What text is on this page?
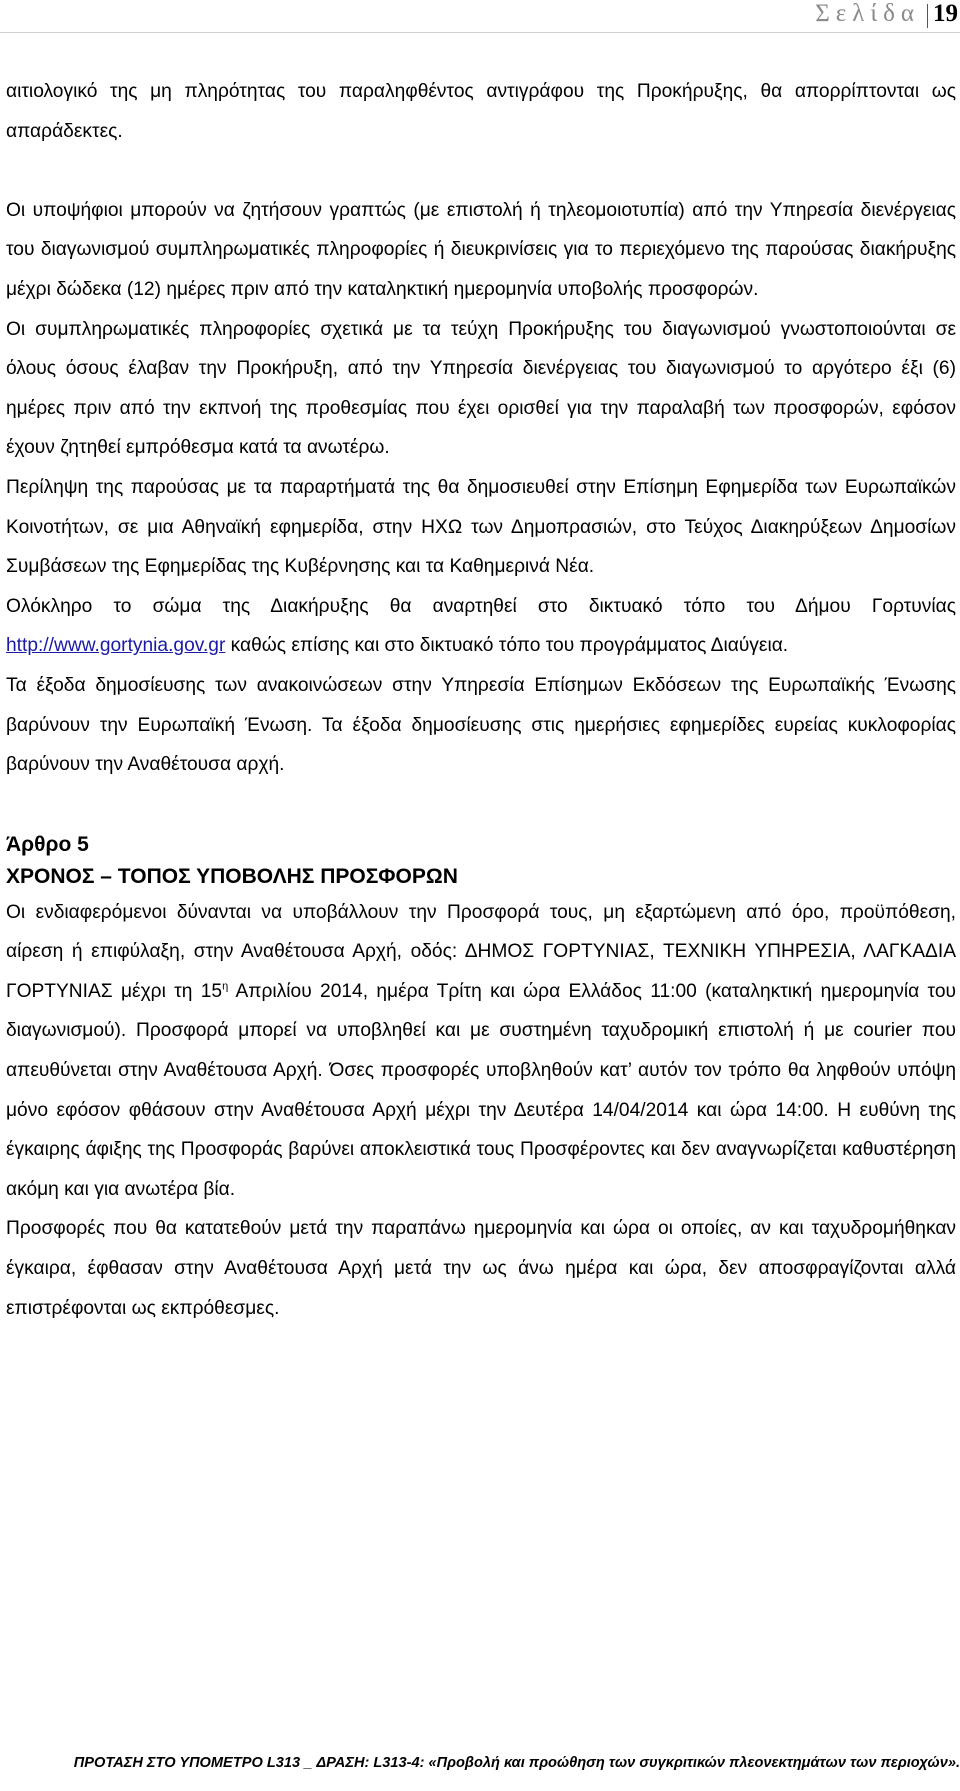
Σελίδα 19

αιτιολογικό της μη πληρότητας του παραληφθέντος αντιγράφου της Προκήρυξης, θα απορρίπτονται ως απαράδεκτες.

Οι υποψήφιοι μπορούν να ζητήσουν γραπτώς (με επιστολή ή τηλεομοιοτυπία) από την Υπηρεσία διενέργειας του διαγωνισμού συμπληρωματικές πληροφορίες ή διευκρινίσεις για το περιεχόμενο της παρούσας διακήρυξης μέχρι δώδεκα (12) ημέρες πριν από την καταληκτική ημερομηνία υποβολής προσφορών.

Οι συμπληρωματικές πληροφορίες σχετικά με τα τεύχη Προκήρυξης του διαγωνισμού γνωστοποιούνται σε όλους όσους έλαβαν την Προκήρυξη, από την Υπηρεσία διενέργειας του διαγωνισμού το αργότερο έξι (6) ημέρες πριν από την εκπνοή της προθεσμίας που έχει ορισθεί για την παραλαβή των προσφορών, εφόσον έχουν ζητηθεί εμπρόθεσμα κατά τα ανωτέρω.

Περίληψη της παρούσας με τα παραρτήματά της θα δημοσιευθεί στην Επίσημη Εφημερίδα των Ευρωπαϊκών Κοινοτήτων, σε μια Αθηναϊκή εφημερίδα, στην ΗΧΩ των Δημοπρασιών, στο Τεύχος Διακηρύξεων Δημοσίων Συμβάσεων της Εφημερίδας της Κυβέρνησης και τα Καθημερινά Νέα.

Ολόκληρο το σώμα της Διακήρυξης θα αναρτηθεί στο δικτυακό τόπο του Δήμου Γορτυνίας http://www.gortynia.gov.gr καθώς επίσης και στο δικτυακό τόπο του προγράμματος Διαύγεια.

Τα έξοδα δημοσίευσης των ανακοινώσεων στην Υπηρεσία Επίσημων Εκδόσεων της Ευρωπαϊκής Ένωσης βαρύνουν την Ευρωπαϊκή Ένωση. Τα έξοδα δημοσίευσης στις ημερήσιες εφημερίδες ευρείας κυκλοφορίας βαρύνουν την Αναθέτουσα αρχή.

Άρθρο 5

ΧΡΟΝΟΣ – ΤΟΠΟΣ ΥΠΟΒΟΛΗΣ ΠΡΟΣΦΟΡΩΝ

Οι ενδιαφερόμενοι δύνανται να υποβάλλουν την Προσφορά τους, μη εξαρτώμενη από όρο, προϋπόθεση, αίρεση ή επιφύλαξη, στην Αναθέτουσα Αρχή, οδός: ΔΗΜΟΣ ΓΟΡΤΥΝΙΑΣ, ΤΕΧΝΙΚΗ ΥΠΗΡΕΣΙΑ, ΛΑΓΚΑΔΙΑ ΓΟΡΤΥΝΙΑΣ μέχρι τη $15^\eta$ Απριλίου 2014, ημέρα Τρίτη και ώρα Ελλάδος 11:00 (καταληκτική ημερομηνία του διαγωνισμού). Προσφορά μπορεί να υποβληθεί και με συστημένη ταχυδρομική επιστολή ή με courier που απευθύνεται στην Αναθέτουσα Αρχή. Όσες προσφορές υποβληθούν κατ’ αυτόν τον τρόπο θα ληφθούν υπόψη μόνο εφόσον φθάσουν στην Αναθέτουσα Αρχή μέχρι την Δευτέρα 14/04/2014 και ώρα 14:00. Η ευθύνη της έγκαιρης άφιξης της Προσφοράς βαρύνει αποκλειστικά τους Προσφέροντες και δεν αναγνωρίζεται καθυστέρηση ακόμη και για ανωτέρα βία.

Προσφορές που θα κατατεθούν μετά την παραπάνω ημερομηνία και ώρα οι οποίες, αν και ταχυδρομήθηκαν έγκαιρα, έφθασαν στην Αναθέτουσα Αρχή μετά την ως άνω ημέρα και ώρα, δεν αποσφραγίζονται αλλά επιστρέφονται ως εκπρόθεσμες.

ΠΡΟΤΑΣΗ ΣΤΟ ΥΠΟΜΕΤΡΟ L313 _ ΔΡΑΣΗ: L313-4: «Προβολή και προώθηση των συγκριτικών πλεονεκτημάτων των περιοχών».
